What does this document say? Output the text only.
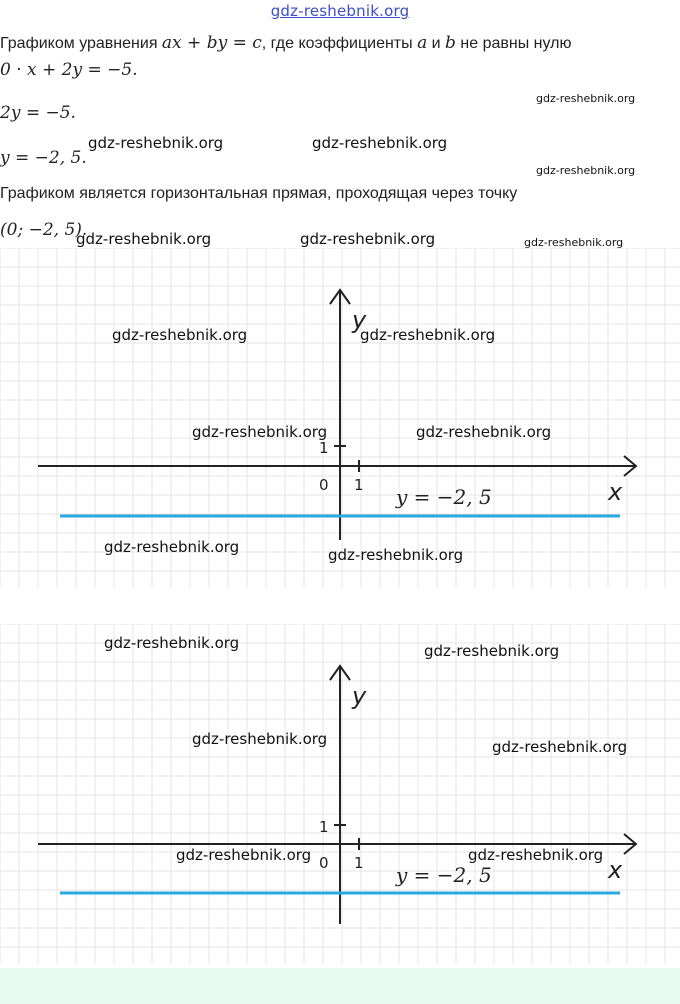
gdz-reshebnik.org
Графиком уравнения ax + by = c, где коэффициенты a и b не равны нулю
0 · x + 2y = −5.
2y = −5.
y = −2, 5.
Графиком является горизонтальная прямая, проходящая через точку
(0; −2, 5).
y
x
0 1
1
y = −2, 5
y
x
0 1
1
y = −2, 5
gdz-reshebnik.org
gdz-reshebnik.org	gdz-reshebnik.org
gdz-reshebnik.org
gdz-reshebnik.org	gdz-reshebnik.org	gdz-reshebnik.org
gdz-reshebnik.org	gdz-reshebnik.org
gdz-reshebnik.org	gdz-reshebnik.org
gdz-reshebnik.org	gdz-reshebnik.org
gdz-reshebnik.org	gdz-reshebnik.org
gdz-reshebnik.org	gdz-reshebnik.org
gdz-reshebnik.org	gdz-reshebnik.org
